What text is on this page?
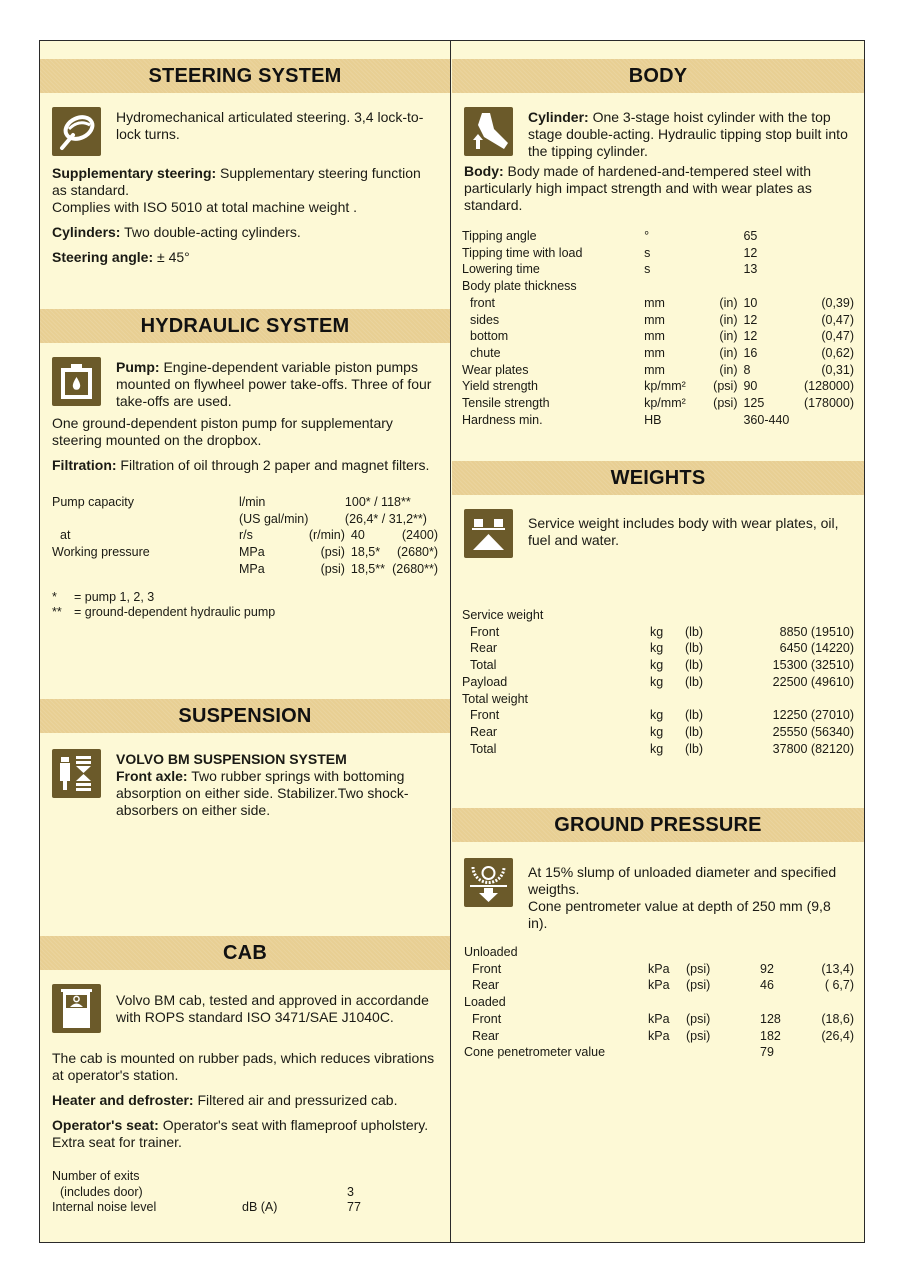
STEERING SYSTEM
Hydromechanical articulated steering. 3,4 lock-to-lock turns.
Supplementary steering: Supplementary steering function as standard.
Complies with ISO 5010 at total machine weight .
Cylinders: Two double-acting cylinders.
Steering angle: ± 45°
HYDRAULIC SYSTEM
Pump: Engine-dependent variable piston pumps mounted on flywheel power take-offs. Three of four take-offs are used.
One ground-dependent piston pump for supplementary steering mounted on the dropbox.
Filtration: Filtration of oil through 2 paper and magnet filters.
Pump capacity	l/min		100* / 118**	
	(US gal/min)		(26,4* / 31,2**)	
at	r/s	(r/min)	40	(2400)
Working pressure	MPa	(psi)	18,5*	(2680*)
	MPa	(psi)	18,5**	(2680**)
* = pump 1, 2, 3
** = ground-dependent hydraulic pump
SUSPENSION
VOLVO BM SUSPENSION SYSTEM
Front axle: Two rubber springs with bottoming absorption on either side. Stabilizer.Two shock-absorbers on either side.
CAB
Volvo BM cab, tested and approved in accordande with ROPS standard ISO 3471/SAE J1040C.
The cab is mounted on rubber pads, which reduces vibrations at operator's station.
Heater and defroster: Filtered air and pressurized cab.
Operator's seat: Operator's seat with flameproof upholstery. Extra seat for trainer.
Number of exits		
(includes door)		3
Internal noise level	dB (A)	77
BODY
Cylinder: One 3-stage hoist cylinder with the top stage double-acting. Hydraulic tipping stop built into the tipping cylinder.
Body: Body made of hardened-and-tempered steel with particularly high impact strength and with wear plates as standard.
Tipping angle	°		65	
Tipping time with load	s		12	
Lowering time	s		13	
Body plate thickness				
front	mm	(in)	10	(0,39)
sides	mm	(in)	12	(0,47)
bottom	mm	(in)	12	(0,47)
chute	mm	(in)	16	(0,62)
Wear plates	mm	(in)	8	(0,31)
Yield strength	kp/mm²	(psi)	90	(128000)
Tensile strength	kp/mm²	(psi)	125	(178000)
Hardness min.	HB		360-440	
WEIGHTS
Service weight includes body with wear plates, oil, fuel and water.
Service weight			
Front	kg	(lb)	8850 (19510)
Rear	kg	(lb)	6450 (14220)
Total	kg	(lb)	15300 (32510)
Payload	kg	(lb)	22500 (49610)
Total weight			
Front	kg	(lb)	12250 (27010)
Rear	kg	(lb)	25550 (56340)
Total	kg	(lb)	37800 (82120)
GROUND PRESSURE
At 15% slump of unloaded diameter and specified weigths.
Cone pentrometer value at depth of 250 mm (9,8 in).
Unloaded				
Front	kPa	(psi)	92	(13,4)
Rear	kPa	(psi)	46	( 6,7)
Loaded				
Front	kPa	(psi)	128	(18,6)
Rear	kPa	(psi)	182	(26,4)
Cone penetrometer value			79	
